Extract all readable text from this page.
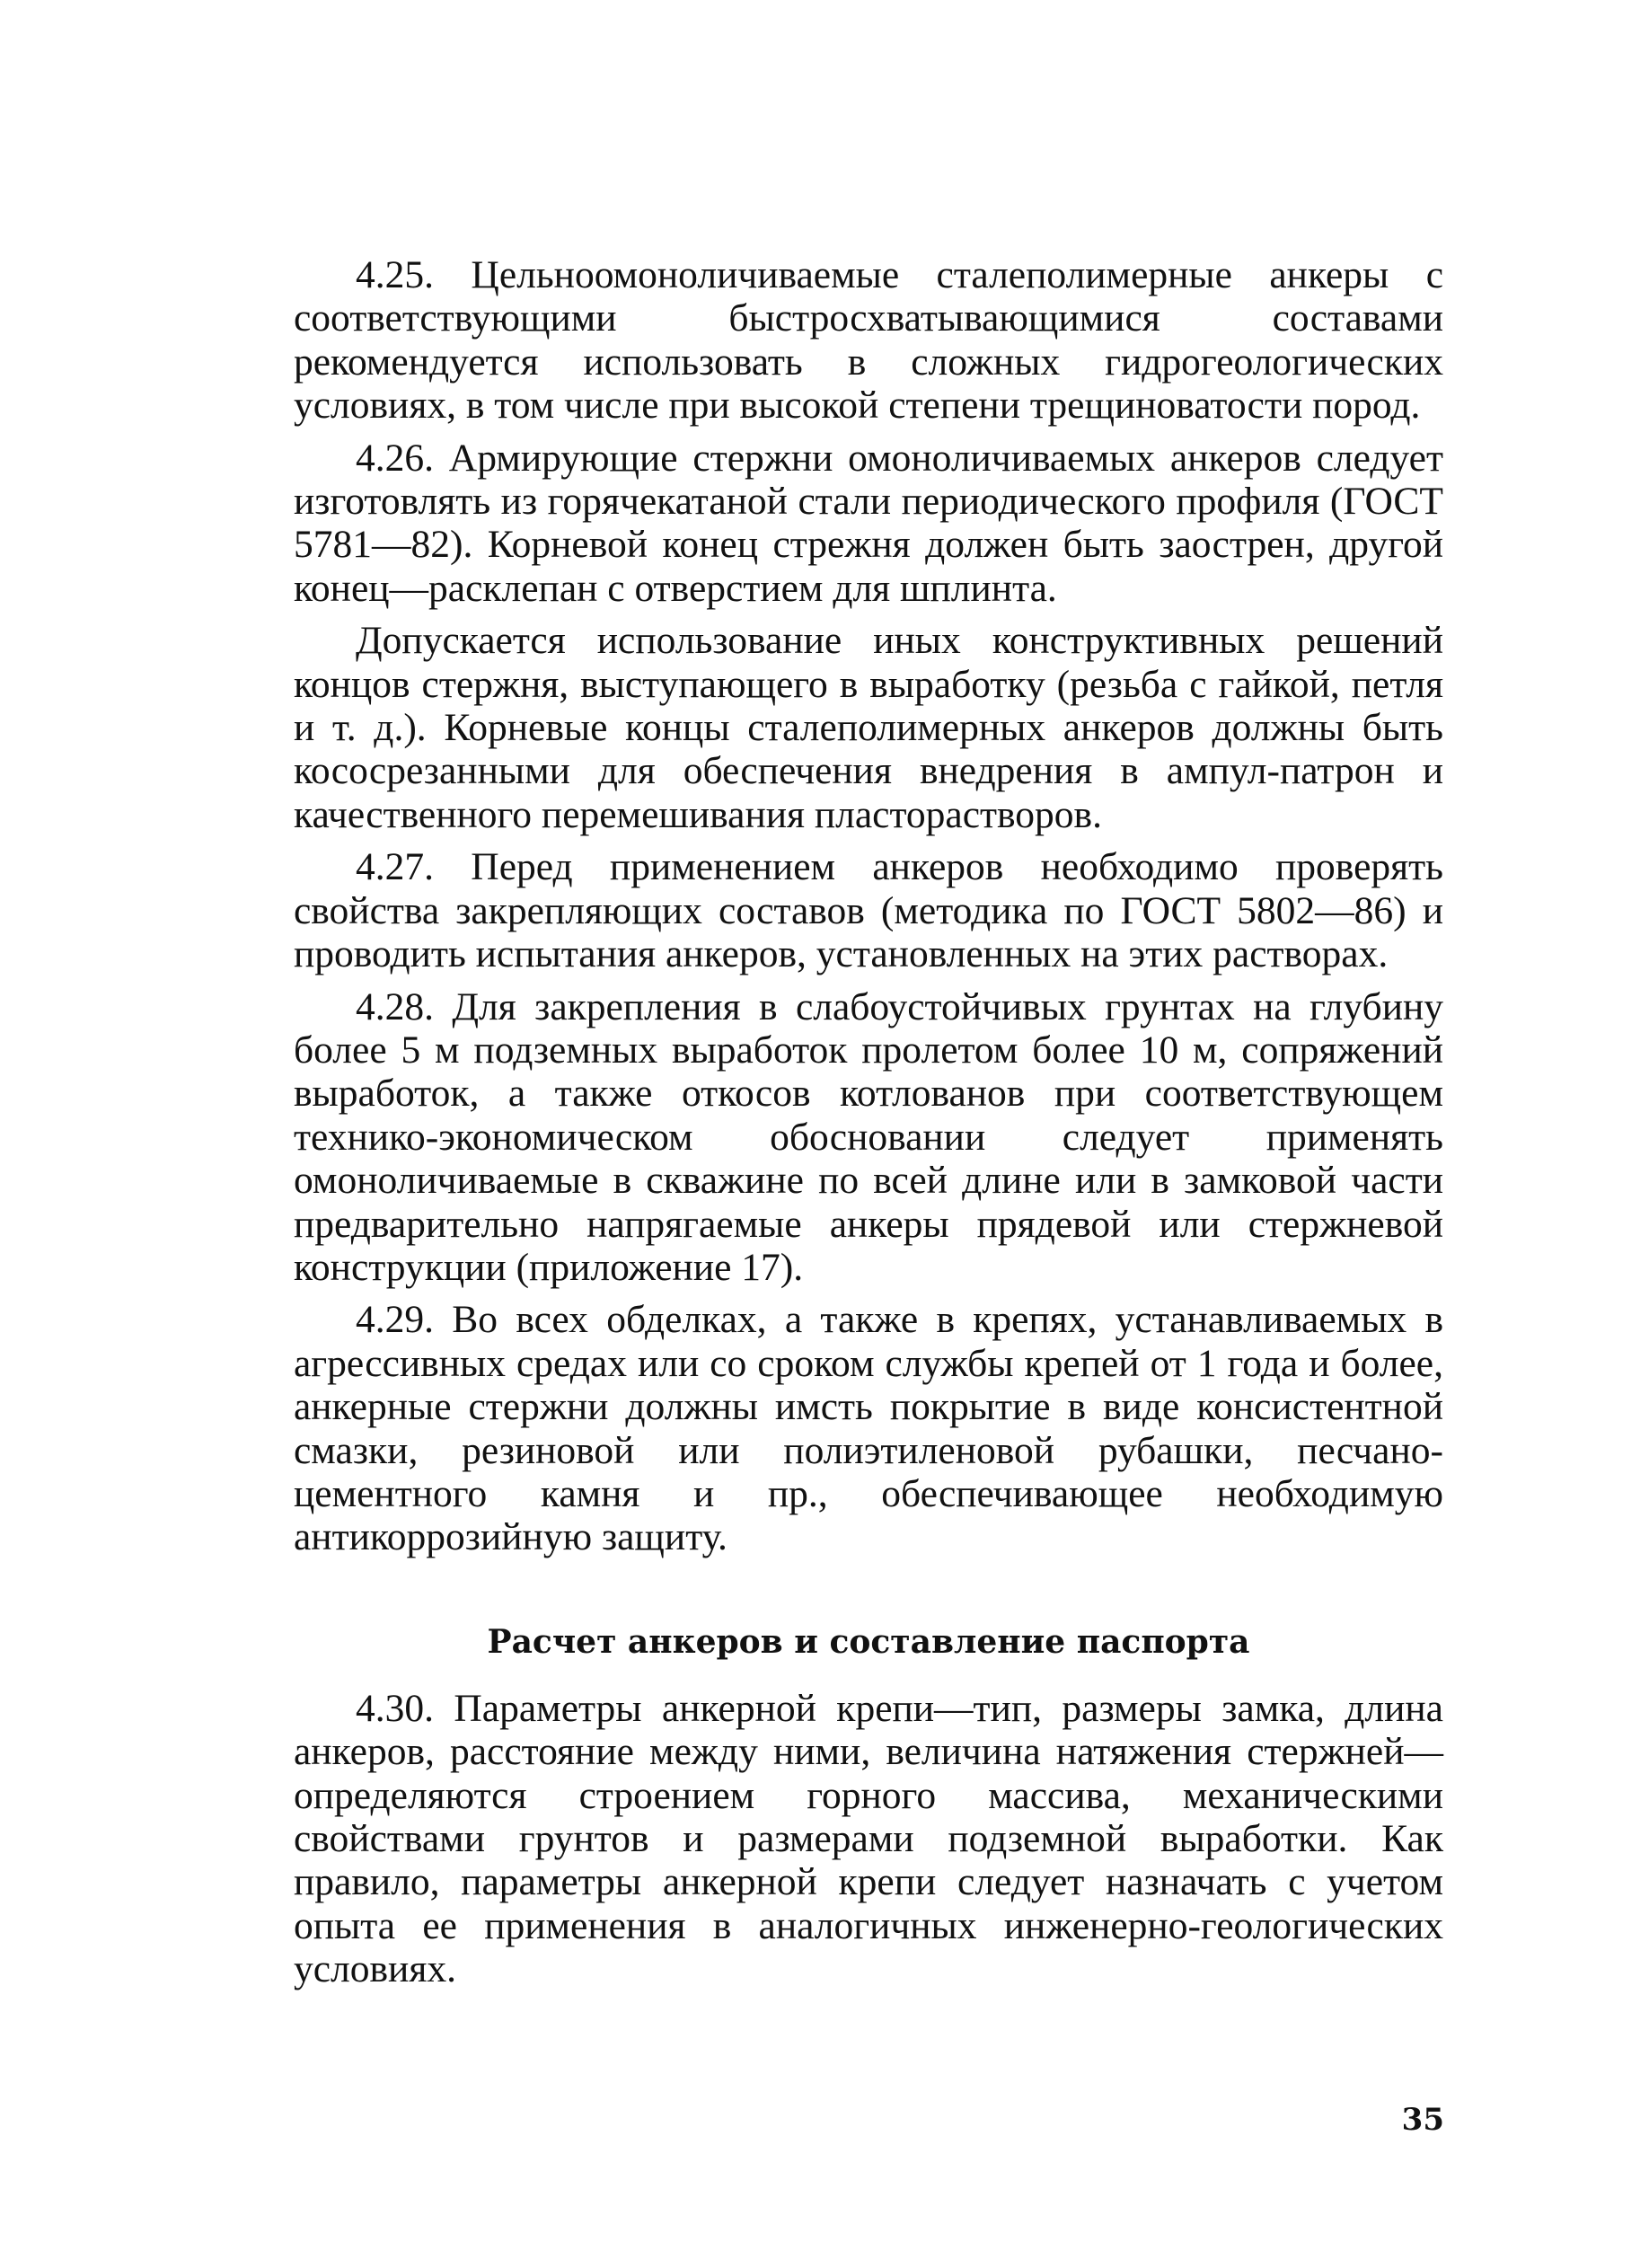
4.25. Цельноомоноличиваемые сталеполимерные анкеры с соответствующими быстросхватывающимися составами рекомендуется использовать в сложных гидрогеологических условиях, в том числе при высокой степени трещиноватости пород.

4.26. Армирующие стержни омоноличиваемых анкеров следует изготовлять из горячекатаной стали периодического профиля (ГОСТ 5781—82). Корневой конец стрежня должен быть заострен, другой конец—расклепан с отверстием для шплинта.

Допускается использование иных конструктивных решений концов стержня, выступающего в выработку (резьба с гайкой, петля и т. д.). Корневые концы сталеполимерных анкеров должны быть кососрезанными для обеспечения внедрения в ампул-патрон и качественного перемешивания пласторастворов.

4.27. Перед применением анкеров необходимо проверять свойства закрепляющих составов (методика по ГОСТ 5802—86) и проводить испытания анкеров, установленных на этих растворах.

4.28. Для закрепления в слабоустойчивых грунтах на глубину более 5 м подземных выработок пролетом более 10 м, сопряжений выработок, а также откосов котлованов при соответствующем технико-экономическом обосновании следует применять омоноличиваемые в скважине по всей длине или в замковой части предварительно напрягаемые анкеры прядевой или стержневой конструкции (приложение 17).

4.29. Во всех обделках, а также в крепях, устанавливаемых в агрессивных средах или со сроком службы крепей от 1 года и более, анкерные стержни должны имсть покрытие в виде консистентной смазки, резиновой или полиэтиленовой рубашки, песчано-цементного камня и пр., обеспечивающее необходимую антикоррозийную защиту.

Расчет анкеров и составление паспорта

4.30. Параметры анкерной крепи—тип, размеры замка, длина анкеров, расстояние между ними, величина натяжения стержней—определяются строением горного массива, механическими свойствами грунтов и размерами подземной выработки. Как правило, параметры анкерной крепи следует назначать с учетом опыта ее применения в аналогичных инженерно-геологических условиях.

35
